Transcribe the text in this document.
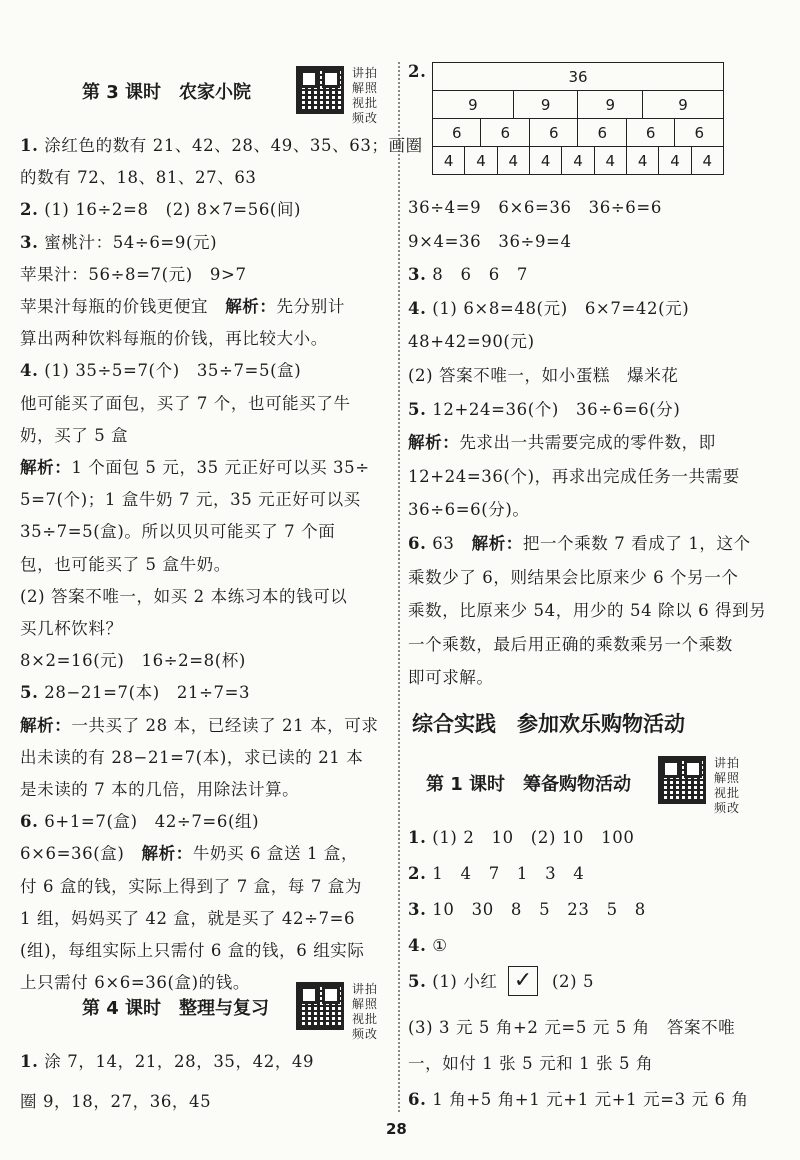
第 3 课时　农家小院
讲拍
解照
视批
频改
1. 涂红色的数有 21、42、28、49、35、63；画圈
的数有 72、18、81、27、63
2. (1) 16÷2=8　(2) 8×7=56(间)
3. 蜜桃汁：54÷6=9(元)
苹果汁：56÷8=7(元)　9>7
苹果汁每瓶的价钱更便宜　解析：先分别计
算出两种饮料每瓶的价钱，再比较大小。
4. (1) 35÷5=7(个)　35÷7=5(盒)
他可能买了面包，买了 7 个，也可能买了牛
奶，买了 5 盒
解析：1 个面包 5 元，35 元正好可以买 35÷
5=7(个)；1 盒牛奶 7 元，35 元正好可以买
35÷7=5(盒)。所以贝贝可能买了 7 个面
包，也可能买了 5 盒牛奶。
(2) 答案不唯一，如买 2 本练习本的钱可以
买几杯饮料？
8×2=16(元)　16÷2=8(杯)
5. 28−21=7(本)　21÷7=3
解析：一共买了 28 本，已经读了 21 本，可求
出未读的有 28−21=7(本)，求已读的 21 本
是未读的 7 本的几倍，用除法计算。
6. 6+1=7(盒)　42÷7=6(组)
6×6=36(盒)　解析：牛奶买 6 盒送 1 盒，
付 6 盒的钱，实际上得到了 7 盒，每 7 盒为
1 组，妈妈买了 42 盒，就是买了 42÷7=6
(组)，每组实际上只需付 6 盒的钱，6 组实际
上只需付 6×6=36(盒)的钱。
第 4 课时　整理与复习
讲拍
解照
视批
频改
1. 涂 7，14，21，28，35，42，49
圈 9，18，27，36，45
2.	36													
9				9			9			9			
6		6			6		6		6			6	
4	4		4		4	4		4	4		4		4
36÷4=9　6×6=36　36÷6=6
9×4=36　36÷9=4
3. 8　6　6　7
4. (1) 6×8=48(元)　6×7=42(元)
48+42=90(元)
(2) 答案不唯一，如小蛋糕　爆米花
5. 12+24=36(个)　36÷6=6(分)
解析：先求出一共需要完成的零件数，即
12+24=36(个)，再求出完成任务一共需要
36÷6=6(分)。
6. 63　解析：把一个乘数 7 看成了 1，这个
乘数少了 6，则结果会比原来少 6 个另一个
乘数，比原来少 54，用少的 54 除以 6 得到另
一个乘数，最后用正确的乘数乘另一个乘数
即可求解。
综合实践　参加欢乐购物活动
第 1 课时　筹备购物活动
讲拍
解照
视批
频改
1. (1) 2　10　(2) 10　100
2. 1　4　7　1　3　4
3. 10　30　8　5　23　5　8
4. ①
5. (1) 小红 ✓	(2) 5
(3) 3 元 5 角+2 元=5 元 5 角　答案不唯
一，如付 1 张 5 元和 1 张 5 角
6. 1 角+5 角+1 元+1 元+1 元=3 元 6 角
28
